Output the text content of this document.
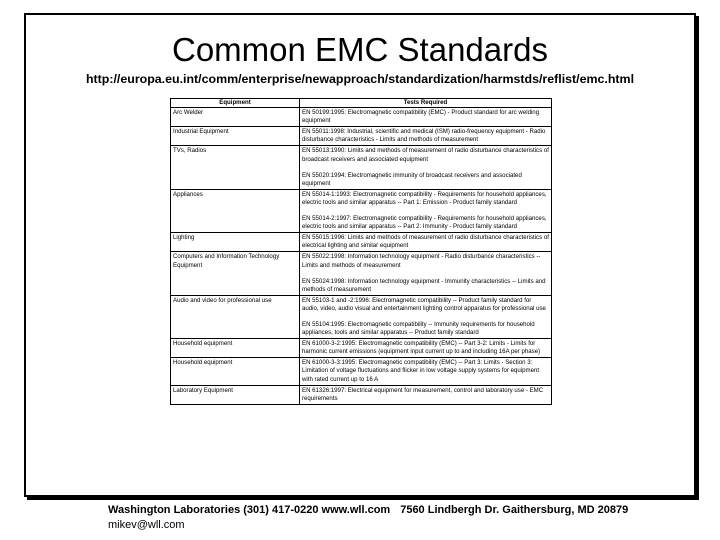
Common EMC Standards
http://europa.eu.int/comm/enterprise/newapproach/standardization/harmstds/reflist/emc.html
Equipment	Tests Required
Arc Welder	EN 50199:1995: Electromagnetic compatibility (EMC) - Product standard for arc welding equipment

Industrial Equipment	EN 55011:1998: Industrial, scientific and medical (ISM) radio-frequency equipment - Radio disturbance characteristics - Limits and methods of measurement

TVs, Radios	EN 55013:1990: Limits and methods of measurement of radio disturbance characteristics of broadcast receivers and associated equipment
EN 55020:1994: Electromagnetic immunity of broadcast receivers and associated equipment

Appliances	EN 55014-1:1993: Electromagnetic compatibility - Requirements for household appliances, electric tools and similar apparatus -- Part 1: Emission - Product family standard
EN 55014-2:1997: Electromagnetic compatibility - Requirements for household appliances, electric tools and similar apparatus -- Part 2: Immunity - Product family standard

Lighting	EN 55015:1996: Limits and methods of measurement of radio disturbance characteristics of electrical lighting and similar equipment

Computers and Information Technology Equipment	EN 55022:1998: Information technology equipment - Radio disturbance characteristics -- Limits and methods of measurement
EN 55024:1998: Information technology equipment - Immunity characteristics -- Limits and methods of measurement

Audio and video for professional use	EN 55103-1 and -2:1996: Electromagnetic compatibility -- Product family standard for audio, video, audio visual and entertainment lighting control apparatus for professional use
EN 55104:1995: Electromagnetic compatibility -- Immunity requirements for household appliances, tools and similar apparatus -- Product family standard

Household equipment	EN 61000-3-2:1995: Electromagnetic compatibility (EMC) -- Part 3-2: Limits - Limits for harmonic current emissions (equipment input current up to and including 16A per phase)

Household equipment	EN 61000-3-3:1995: Electromagnetic compatibility (EMC) -- Part 3: Limits - Section 3: Limitation of voltage fluctuations and flicker in low voltage supply systems for equipment with rated current up to 16 A

Laboratory Equipment	EN 61326:1997: Electrical equipment for measurement, control and laboratory use - EMC requirements
Washington Laboratories (301) 417-0220 www.wll.com 7560 Lindbergh Dr. Gaithersburg, MD 20879
mikev@wll.com
